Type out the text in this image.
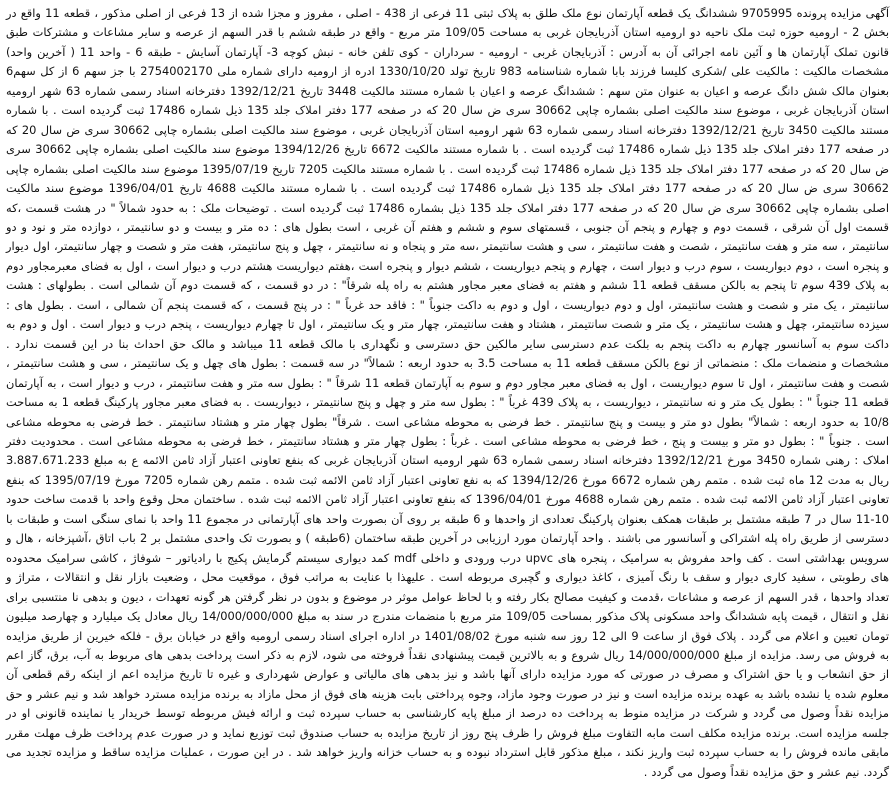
آگهی مزایده پرونده 9705995 ششدانگ یک قطعه آپارتمان نوع ملک طلق به پلاک ثبتی 11 فرعی از 438 - اصلی ، مفروز و مجزا شده از 13 فرعی از اصلی مذکور ، قطعه 11 واقع در بخش 2 - ارومیه حوزه ثبت ملک ناحیه دو ارومیه استان آذربایجان غربی به مساحت 109/05 متر مربع - واقع در طبقه ششم با قدر السهم از عرصه و سایر مشاعات و مشترکات طبق قانون تملک آپارتمان ها و آئین نامه اجرائی آن به آدرس : آذربایجان غربی - ارومیه - سرداران - کوی تلفن خانه - نبش کوچه 3- آپارتمان آسایش - طبقه 6 - واحد 11 ( آخرین واحد) مشخصات مالکیت : مالکیت علی /شکری کلیسا فرزند بابا شماره شناسنامه 983 تاریخ تولد 1330/10/20 ادره از ارومیه دارای شماره ملی 2754002170 با جز سهم 6 از کل سهم6 بعنوان مالک شش دانگ عرصه و اعیان به عنوان متن سهم : ششدانگ عرصه و اعیان با شماره مستند مالکیت 3448 تاریخ 1392/12/21 دفترخانه اسناد رسمی شماره 63 شهر ارومیه استان آذربایجان غربی ، موضوع سند مالکیت اصلی بشماره چاپی 30662 سری ض سال 20 که در صفحه 177 دفتر املاک جلد 135 ذیل شماره 17486 ثبت گردیده است . با شماره مستند مالکیت 3450 تاریخ 1392/12/21 دفترخانه اسناد رسمی شماره 63 شهر ارومیه استان آذربایجان غربی ، موضوع سند مالکیت اصلی بشماره چاپی 30662 سری ض سال 20 که در صفحه 177 دفتر املاک جلد 135 ذیل شماره 17486 ثبت گردیده است . با شماره مستند مالکیت 6672 تاریخ 1394/12/26 موضوع سند مالکیت اصلی بشماره چاپی 30662 سری ض سال 20 که در صفحه 177 دفتر املاک جلد 135 ذیل شماره 17486 ثبت گردیده است . با شماره مستند مالکیت 7205 تاریخ 1395/07/19 موضوع سند مالکیت اصلی بشماره چاپی 30662 سری ض سال 20 که در صفحه 177 دفتر املاک جلد 135 ذیل شماره 17486 ثبت گردیده است . با شماره مستند مالکیت 4688 تاریخ 1396/04/01 موضوع سند مالکیت اصلی بشماره چاپی 30662 سری ض سال 20 که در صفحه 177 دفتر املاک جلد 135 ذیل بشماره 17486 ثبت گردیده است . توضیحات ملک : به حدود شمالاً " در هشت قسمت ،که قسمت اول آن شرقی ، قسمت دوم و چهارم و پنجم آن جنوبی ، قسمتهای سوم و ششم و هفتم آن غربی ، است بطول های : ده متر و بیست و دو سانتیمتر ، دوازده متر و نود و دو سانتیمتر ، سه متر و هفت سانتیمتر ، شصت و هفت سانتیمتر ، سی و هشت سانتیمتر ،سه متر و پنجاه و نه سانتیمتر ، چهل و پنج سانتیمتر، هفت متر و شصت و چهار سانتیمتر، اول دیوار و پنجره است ، دوم دیواریست ، سوم درب و دیوار است ، چهارم و پنجم دیواریست ، ششم دیوار و پنجره است ،هفتم دیواریست هشتم درب و دیوار است ، اول به فضای معبرمجاور دوم به پلاک 439 سوم تا پنجم به بالکن مسقف قطعه 11 ششم و هفتم به فضای معبر مجاور هشتم به راه پله شرقاً" : در دو قسمت ، که قسمت دوم آن شمالی است . بطولهای : هشت سانتیمتر ، یک متر و شصت و هشت سانتیمتر، اول و دوم دیواریست ، اول و دوم به داکت جنوباً " : فاقد حد غرباً " : در پنج قسمت ، که قسمت پنجم آن شمالی ، است . بطول های : سیزده سانتیمتر، چهل و هشت سانتیمتر ، یک متر و شصت سانتیمتر ، هشتاد و هفت سانتیمتر، چهار متر و یک سانتیمتر ، اول تا چهارم دیواریست ، پنجم درب و دیوار است . اول و دوم به داکت سوم به آسانسور چهارم به داکت پنجم به بلکت عدم دسترسی سایر مالکین حق دسترسی و نگهداری با مالک قطعه 11 میباشد و مالک حق احداث بنا در این قسمت ندارد . مشخصات و منضمات ملک : منضماتی از نوع بالکن مسقف قطعه 11 به مساحت 3.5 به حدود اربعه : شمالاً" در سه قسمت : بطول های چهل و یک سانتیمتر ، سی و هشت سانتیمتر ، شصت و هفت سانتیمتر ، اول تا سوم دیواریست ، اول به فضای معبر مجاور دوم و سوم به آپارتمان قطعه 11 شرقاً " : بطول سه متر و هفت سانتیمتر ، درب و دیوار است ، به آپارتمان قطعه 11 جنوباً " : بطول یک متر و نه سانتیمتر ، دیواریست ، به پلاک 439 غرباً " : بطول سه متر و چهل و پنج سانتیمتر ، دیواریست . به فضای معبر مجاور پارکینگ قطعه 1 به مساحت 10/8 به حدود اربعه : شمالاً" بطول دو متر و بیست و پنج سانتیمتر . خط فرضی به محوطه مشاعی است . شرقاً" بطول چهار متر و هشتاد سانتیمتر . خط فرضی به محوطه مشاعی است . جنوباً " : بطول دو متر و بیست و پنج ، خط فرضی به محوطه مشاعی است . غرباً : بطول چهار متر و هشتاد سانتیمتر ، خط فرضی به محوطه مشاعی است . محدودیت دفتر املاک : رهنی شماره 3450 مورخ 1392/12/21 دفترخانه اسناد رسمی شماره 63 شهر ارومیه استان آذربایجان غربی که بنفع تعاونی اعتبار آزاد ثامن الائمه ع به مبلغ 3.887.671.233 ریال به مدت 12 ماه ثبت شده . متمم رهن شماره 6672 مورخ 1394/12/26 که به نفع تعاونی اعتبار آزاد ثامن الائمه ثبت شده . متمم رهن شماره 7205 مورخ 1395/07/19 که بنفع تعاونی اعتبار آزاد ثامن الائمه ثبت شده . متمم رهن شماره 4688 مورخ 1396/04/01 که بنفع تعاونی اعتبار آزاد ثامن الائمه ثبت شده . ساختمان محل وقوع واحد با قدمت ساخت حدود 10-11 سال در 7 طبقه مشتمل بر طبقات همکف بعنوان پارکینگ تعدادی از واحدها و 6 طبقه بر روی آن بصورت واحد های آپارتمانی در مجموع 11 واحد با نمای سنگی است و طبقات با دسترسی از طریق راه پله اشتراکی و آسانسور می باشند . واحد آپارتمان مورد ارزیابی در آخرین طبقه ساختمان (6طبقه ) و بصورت تک واحدی مشتمل بر 2 باب اتاق ،آشپزخانه ، هال و سرویس بهداشتی است . کف واحد مفروش به سرامیک ، پنجره های upvc درب ورودی و داخلی mdf کمد دیواری سیستم گرمایش پکیج با رادیاتور – شوفاژ ، کاشی سرامیک محدوده های رطوبتی ، سفید کاری دیوار و سقف با رنگ آمیزی ، کاغذ دیواری و گچبری مربوطه است . علیهذا با عنایت به مراتب فوق ، موقعیت محل ، وضعیت بازار نقل و انتقالات ، متراژ و تعداد واحدها ، قدر السهم از عرصه و مشاعات ،قدمت و کیفیت مصالح بکار رفته و با لحاظ عوامل موثر در موضوع و بدون در نظر گرفتن هر گونه تعهدات ، دیون و بدهی نا منتسبی برای نقل و انتقال ، قیمت پایه ششدانگ واحد مسکونی پلاک مذکور بمساحت 109/05 متر مربع با منضمات مندرج در سند به مبلغ 14/000/000/000 ریال معادل یک میلیارد و چهارصد میلیون تومان تعیین و اعلام می گردد . پلاک فوق از ساعت 9 الی 12 روز سه شنبه مورخ 1401/08/02 در اداره اجرای اسناد رسمی ارومیه واقع در خیابان برق - فلکه خیرین از طریق مزایده به فروش می رسد. مزایده از مبلغ 14/000/000/000 ریال شروع و به بالاترین قیمت پیشنهادی نقداً فروخته می شود، لازم به ذکر است پرداخت بدهی های مربوط به آب، برق، گاز اعم از حق انشعاب و یا حق اشتراک و مصرف در صورتی که مورد مزایده دارای آنها باشد و نیز بدهی های مالیاتی و عوارض شهرداری و غیره تا تاریخ مزایده اعم از اینکه رقم قطعی آن معلوم شده یا نشده باشد به عهده برنده مزایده است و نیز در صورت وجود مازاد، وجوه پرداختی بابت هزینه های فوق از محل مازاد به برنده مزایده مسترد خواهد شد و نیم عشر و حق مزایده نقداً وصول می گردد و شرکت در مزایده منوط به پرداخت ده درصد از مبلغ پایه کارشناسی به حساب سپرده ثبت و ارائه فیش مربوطه توسط خریدار یا نماینده قانونی او در جلسه مزایده است. برنده مزایده مکلف است مابه التفاوت مبلغ فروش را ظرف پنج روز از تاریخ مزایده به حساب صندوق ثبت توزیع نماید و در صورت عدم پرداخت ظرف مهلت مقرر مابقی مانده فروش را به حساب سپرده ثبت واریز نکند ، مبلغ مذکور قابل استرداد نبوده و به حساب خزانه واریز خواهد شد . در این صورت ، عملیات مزایده ساقط و مزایده تجدید می گردد. نیم عشر و حق مزایده نقداً وصول می گردد .
